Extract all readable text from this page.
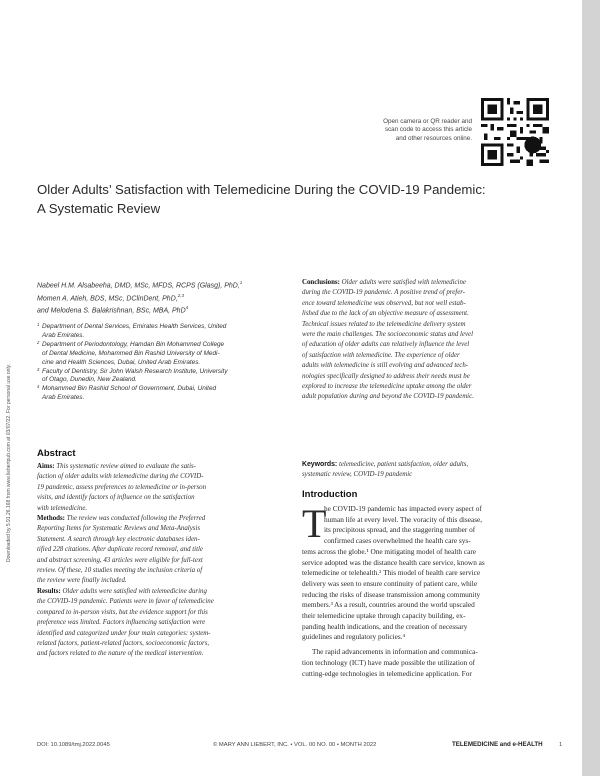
Downloaded by 5.91.26.168 from www.liebertpub.com at 03/07/22. For personal use only.
Open camera or QR reader and
scan code to access this article
and other resources online.
Older Adults’ Satisfaction with Telemedicine During the COVID-19 Pandemic:
A Systematic Review
Nabeel H.M. Alsabeeha, DMD, MSc, MFDS, RCPS (Glasg), PhD,$^1$
Momen A. Atieh, BDS, MSc, DClinDent, PhD,$^{2,3}$
and Melodena S. Balakrishnan, BSc, MBA, PhD$^4$
1 Department of Dental Services, Emirates Health Services, United
Arab Emirates.
2 Department of Periodontology, Hamdan Bin Mohammed College
of Dental Medicine, Mohammed Bin Rashid University of Medi-
cine and Health Sciences, Dubai, United Arab Emirates.
3 Faculty of Dentistry, Sir John Walsh Research Institute, University
of Otago, Dunedin, New Zealand.
4 Mohammed Bin Rashid School of Government, Dubai, United
Arab Emirates.
Abstract
Aims: This systematic review aimed to evaluate the satis-
faction of older adults with telemedicine during the COVID-
19 pandemic, assess preferences to telemedicine or in-person
visits, and identify factors of influence on the satisfaction
with telemedicine.
Methods: The review was conducted following the Preferred
Reporting Items for Systematic Reviews and Meta-Analysis
Statement. A search through key electronic databases iden-
tified 228 citations. After duplicate record removal, and title
and abstract screening, 43 articles were eligible for full-text
review. Of these, 10 studies meeting the inclusion criteria of
the review were finally included.
Results: Older adults were satisfied with telemedicine during
the COVID-19 pandemic. Patients were in favor of telemedicine
compared to in-person visits, but the evidence support for this
preference was limited. Factors influencing satisfaction were
identified and categorized under four main categories: system-
related factors, patient-related factors, socioeconomic factors,
and factors related to the nature of the medical intervention.
Conclusions: Older adults were satisfied with telemedicine
during the COVID-19 pandemic. A positive trend of prefer-
ence toward telemedicine was observed, but not well estab-
lished due to the lack of an objective measure of assessment.
Technical issues related to the telemedicine delivery system
were the main challenges. The socioeconomic status and level
of education of older adults can relatively influence the level
of satisfaction with telemedicine. The experience of older
adults with telemedicine is still evolving and advanced tech-
nologies specifically designed to address their needs must be
explored to increase the telemedicine uptake among the older
adult population during and beyond the COVID-19 pandemic.
Keywords: telemedicine, patient satisfaction, older adults,
systematic review, COVID-19 pandemic
Introduction
T
he COVID-19 pandemic has impacted every aspect of
human life at every level. The voracity of this disease,
its precipitous spread, and the staggering number of
confirmed cases overwhelmed the health care sys-
tems across the globe.¹ One mitigating model of health care
service adopted was the distance health care service, known as
telemedicine or telehealth.² This model of health care service
delivery was seen to ensure continuity of patient care, while
reducing the risks of disease transmission among community
members.³ As a result, countries around the world upscaled
their telemedicine uptake through capacity building, ex-
panding health indications, and the creation of necessary
guidelines and regulatory policies.⁴
The rapid advancements in information and communica-
tion technology (ICT) have made possible the utilization of
cutting-edge technologies in telemedicine application. For
DOI: 10.1089/tmj.2022.0045	© MARY ANN LIEBERT, INC. • VOL. 00 NO. 00 • MONTH 2022	TELEMEDICINE and e-HEALTH	1
